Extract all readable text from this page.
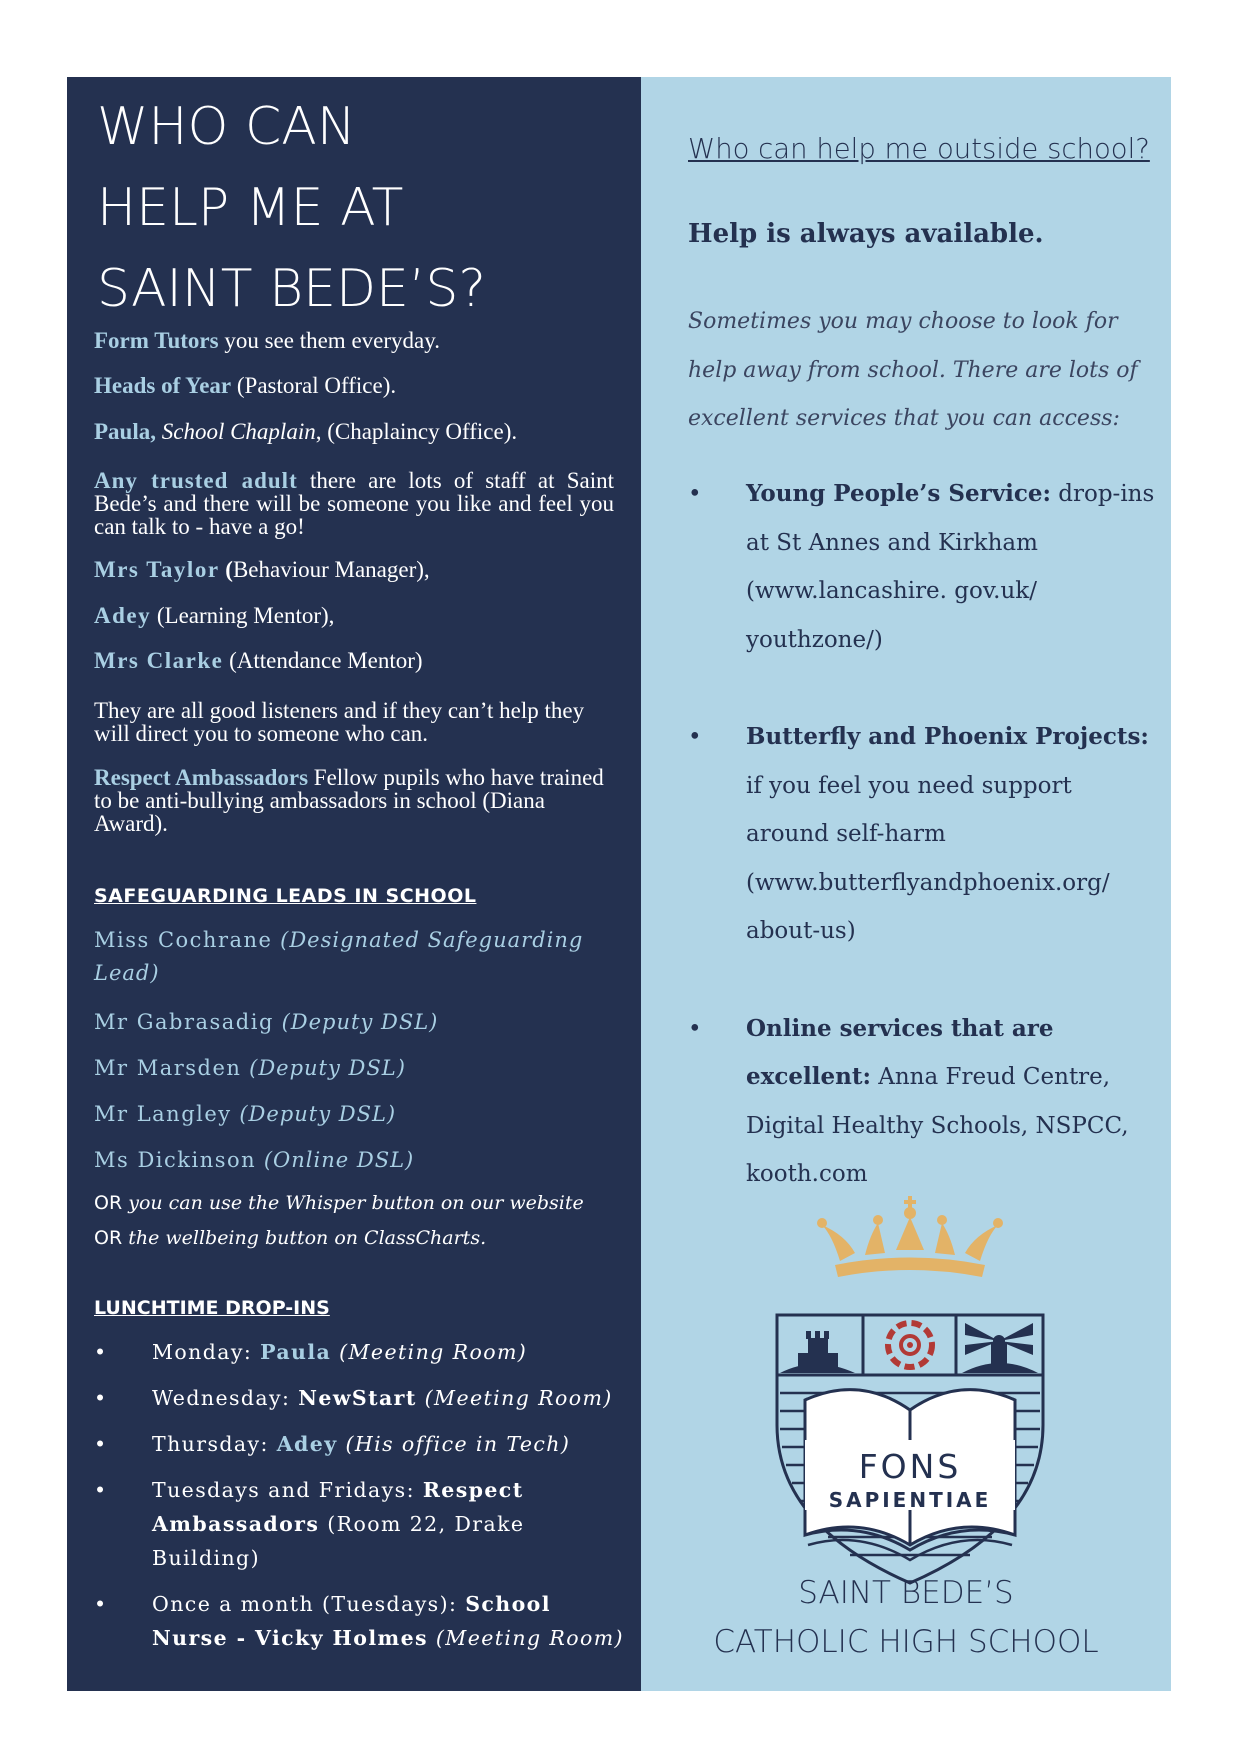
WHO CAN
HELP ME AT
SAINT BEDE’S?

Form Tutors you see them everyday.

Heads of Year (Pastoral Office).

Paula, School Chaplain, (Chaplaincy Office).

Any trusted adult there are lots of staff at Saint Bede’s and there will be someone you like and feel you can talk to - have a go!

Mrs Taylor (Behaviour Manager),

Adey (Learning Mentor),

Mrs Clarke (Attendance Mentor)

They are all good listeners and if they can’t help they will direct you to someone who can.

Respect Ambassadors Fellow pupils who have trained to be anti-bullying ambassadors in school (Diana Award).

SAFEGUARDING LEADS IN SCHOOL

Miss Cochrane (Designated Safeguarding Lead)

Mr Gabrasadig (Deputy DSL)

Mr Marsden (Deputy DSL)

Mr Langley (Deputy DSL)

Ms Dickinson (Online DSL)

OR you can use the Whisper button on our website

OR the wellbeing button on ClassCharts.

LUNCHTIME DROP-INS
• Monday: Paula (Meeting Room)
• Wednesday: NewStart (Meeting Room)
• Thursday: Adey (His office in Tech)
• Tuesdays and Fridays: Respect Ambassadors (Room 22, Drake Building)
• Once a month (Tuesdays): School Nurse - Vicky Holmes (Meeting Room)
Who can help me outside school?

Help is always available.

Sometimes you may choose to look for help away from school. There are lots of excellent services that you can access:

• Young People’s Service: drop-ins at St Annes and Kirkham (www.lancashire. gov.uk/ youthzone/)
• Butterfly and Phoenix Projects: if you feel you need support around self-harm (www.butterflyandphoenix.org/ about-us)
• Online services that are excellent: Anna Freud Centre, Digital Healthy Schools, NSPCC, kooth.com
FONS
SAPIENTIAE

SAINT BEDE’S

CATHOLIC HIGH SCHOOL
